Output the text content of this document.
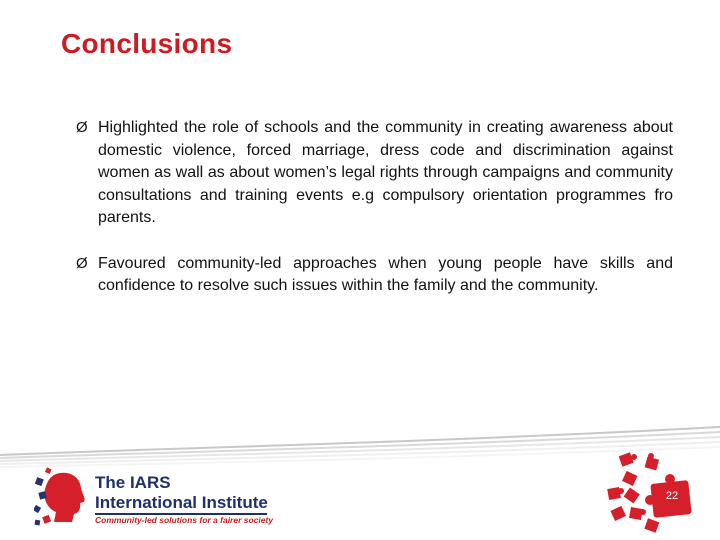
Conclusions
Ø Highlighted the role of schools and the community in creating awareness about domestic violence, forced marriage, dress code and discrimination against women as wall as about women’s legal rights through campaigns and community consultations and training events e.g compulsory orientation programmes fro parents.
Ø Favoured community-led approaches when young people have skills and confidence to resolve such issues within the family and the community.
The IARS
International Institute
Community-led solutions for a fairer society
22
